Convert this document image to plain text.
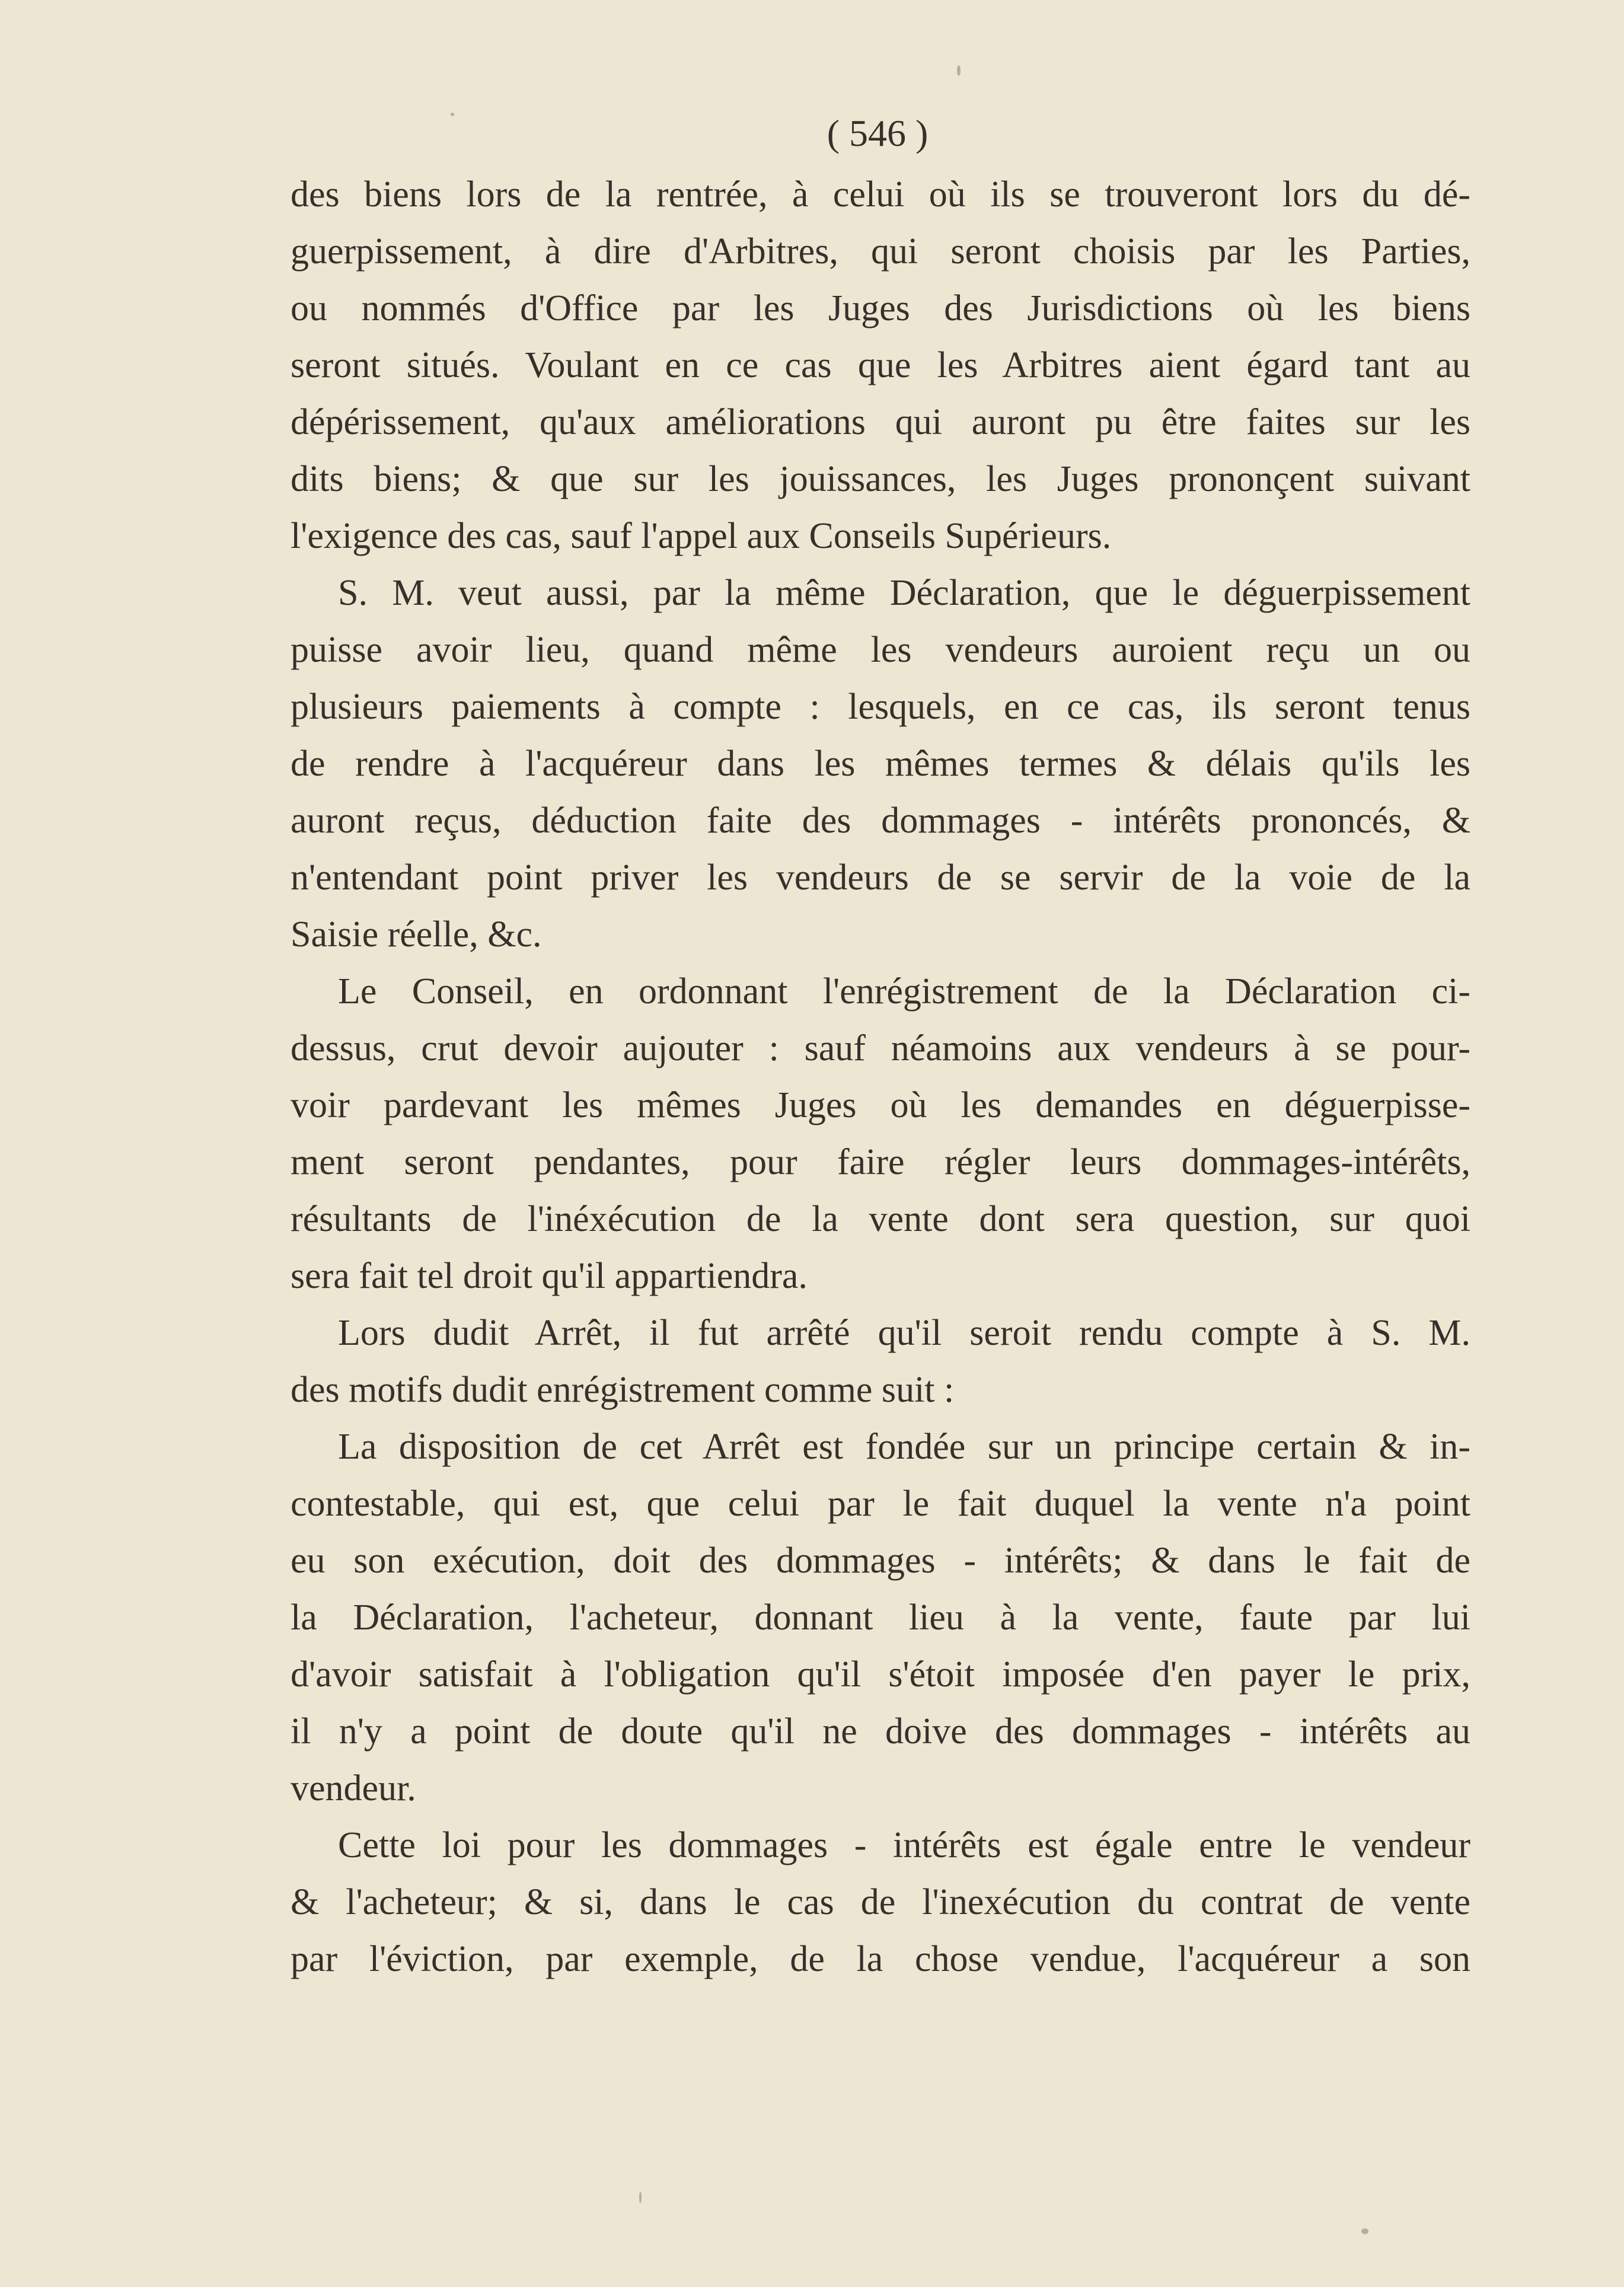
( 546 )
des biens lors de la rentrée, à celui où ils se trouveront lors du dé-
guerpissement, à dire d'Arbitres, qui seront choisis par les Parties,
ou nommés d'Office par les Juges des Jurisdictions où les biens
seront situés. Voulant en ce cas que les Arbitres aient égard tant au
dépérissement, qu'aux améliorations qui auront pu être faites sur les
dits biens; & que sur les jouissances, les Juges prononçent suivant
l'exigence des cas, sauf l'appel aux Conseils Supérieurs.
S. M. veut aussi, par la même Déclaration, que le déguerpissement
puisse avoir lieu, quand même les vendeurs auroient reçu un ou
plusieurs paiements à compte : lesquels, en ce cas, ils seront tenus
de rendre à l'acquéreur dans les mêmes termes & délais qu'ils les
auront reçus, déduction faite des dommages - intérêts prononcés, &
n'entendant point priver les vendeurs de se servir de la voie de la
Saisie réelle, &c.
Le Conseil, en ordonnant l'enrégistrement de la Déclaration ci-
dessus, crut devoir aujouter : sauf néamoins aux vendeurs à se pour-
voir pardevant les mêmes Juges où les demandes en déguerpisse-
ment seront pendantes, pour faire régler leurs dommages-intérêts,
résultants de l'inéxécution de la vente dont sera question, sur quoi
sera fait tel droit qu'il appartiendra.
Lors dudit Arrêt, il fut arrêté qu'il seroit rendu compte à S. M.
des motifs dudit enrégistrement comme suit :
La disposition de cet Arrêt est fondée sur un principe certain & in-
contestable, qui est, que celui par le fait duquel la vente n'a point
eu son exécution, doit des dommages - intérêts; & dans le fait de
la Déclaration, l'acheteur, donnant lieu à la vente, faute par lui
d'avoir satisfait à l'obligation qu'il s'étoit imposée d'en payer le prix,
il n'y a point de doute qu'il ne doive des dommages - intérêts au
vendeur.
Cette loi pour les dommages - intérêts est égale entre le vendeur
& l'acheteur; & si, dans le cas de l'inexécution du contrat de vente
par l'éviction, par exemple, de la chose vendue, l'acquéreur a son
